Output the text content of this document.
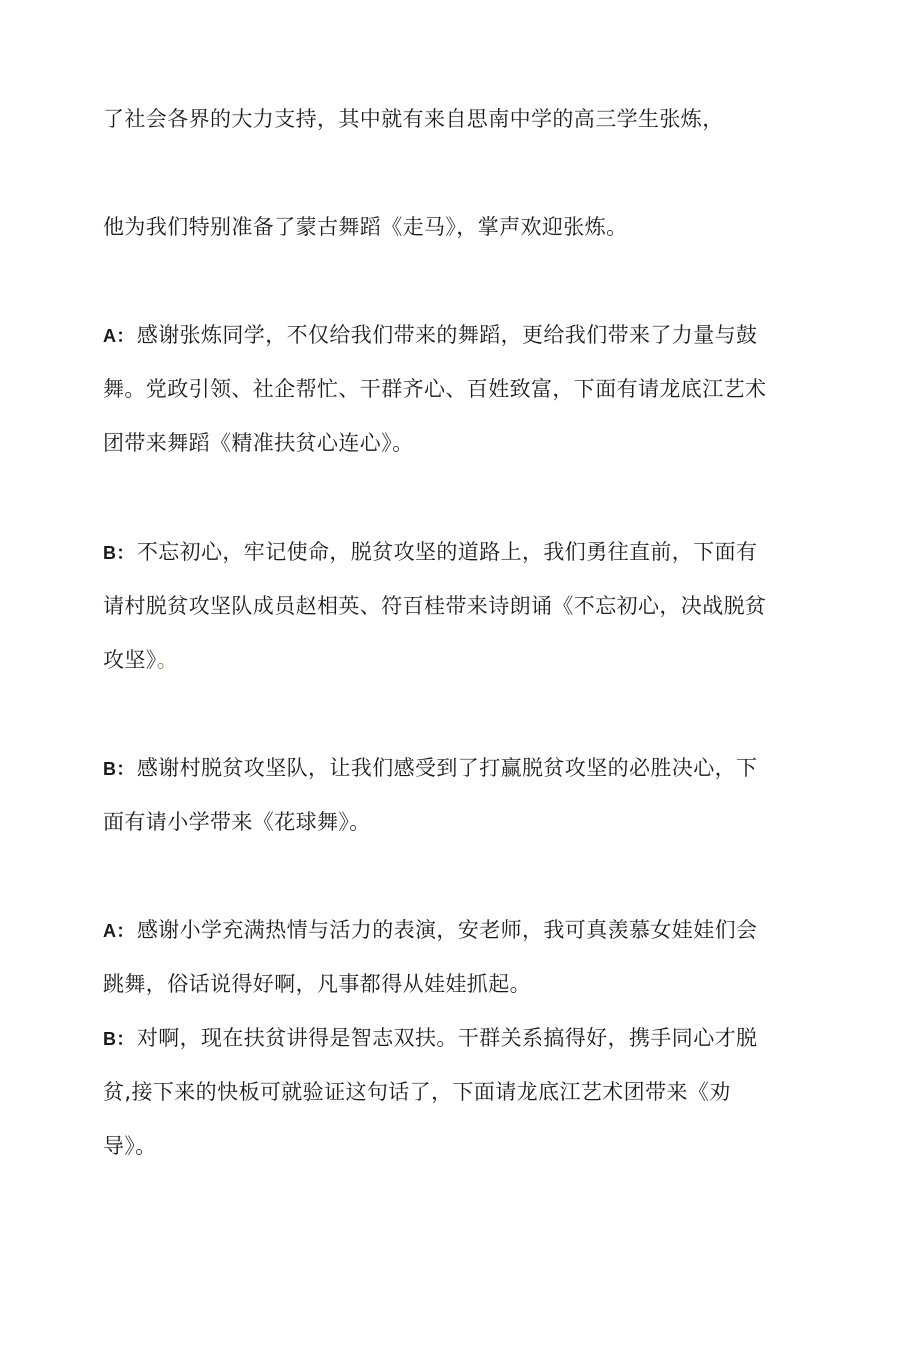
了社会各界的大力支持，其中就有来自思南中学的高三学生张炼，
他为我们特别准备了蒙古舞蹈《走马》，掌声欢迎张炼。
A：感谢张炼同学，不仅给我们带来的舞蹈，更给我们带来了力量与鼓
舞。党政引领、社企帮忙、干群齐心、百姓致富，下面有请龙底江艺术
团带来舞蹈《精准扶贫心连心》。
B：不忘初心，牢记使命，脱贫攻坚的道路上，我们勇往直前，下面有
请村脱贫攻坚队成员赵相英、符百桂带来诗朗诵《不忘初心，决战脱贫
攻坚》。
B：感谢村脱贫攻坚队，让我们感受到了打赢脱贫攻坚的必胜决心，下
面有请小学带来《花球舞》。
A：感谢小学充满热情与活力的表演，安老师，我可真羡慕女娃娃们会
跳舞，俗话说得好啊，凡事都得从娃娃抓起。
B：对啊，现在扶贫讲得是智志双扶。干群关系搞得好，携手同心才脱
贫,接下来的快板可就验证这句话了，下面请龙底江艺术团带来《劝
导》。
